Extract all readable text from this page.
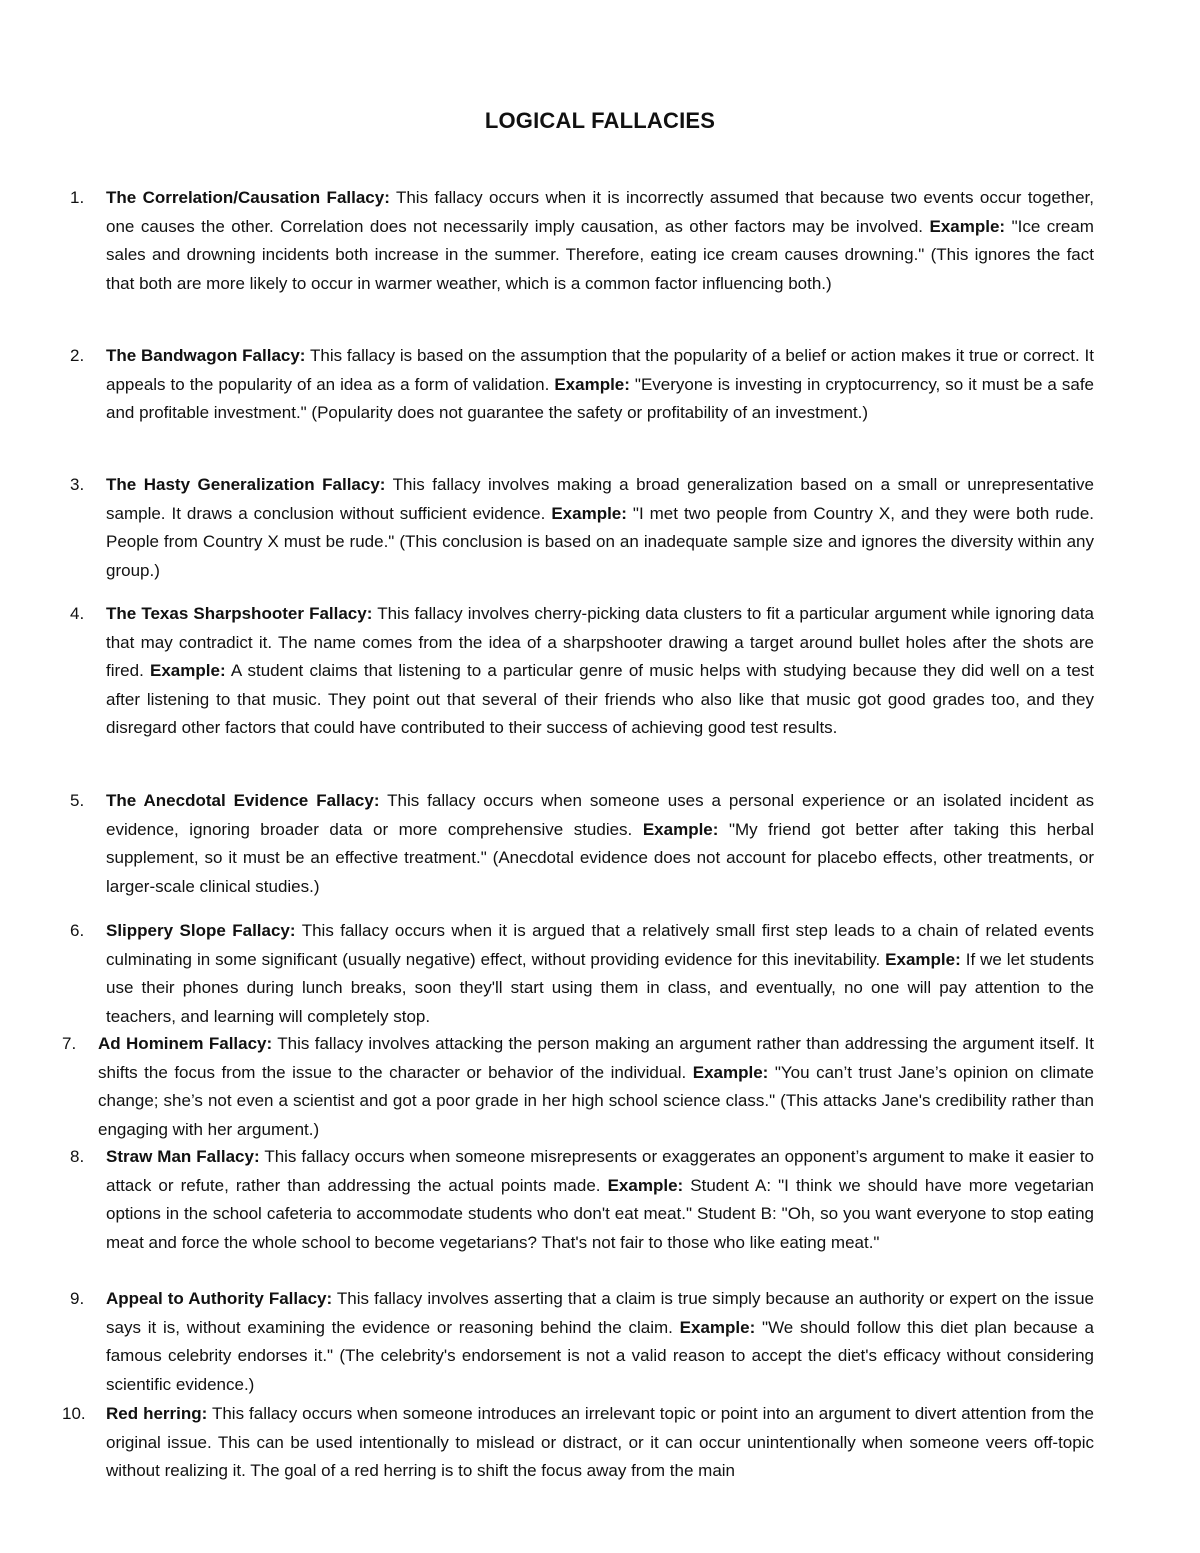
LOGICAL FALLACIES
1.	The Correlation/Causation Fallacy: This fallacy occurs when it is incorrectly assumed that because two events occur together, one causes the other. Correlation does not necessarily imply causation, as other factors may be involved. Example: "Ice cream sales and drowning incidents both increase in the summer. Therefore, eating ice cream causes drowning." (This ignores the fact that both are more likely to occur in warmer weather, which is a common factor influencing both.)

2.	The Bandwagon Fallacy: This fallacy is based on the assumption that the popularity of a belief or action makes it true or correct. It appeals to the popularity of an idea as a form of validation. Example: "Everyone is investing in cryptocurrency, so it must be a safe and profitable investment." (Popularity does not guarantee the safety or profitability of an investment.)

3.	The Hasty Generalization Fallacy: This fallacy involves making a broad generalization based on a small or unrepresentative sample. It draws a conclusion without sufficient evidence. Example: "I met two people from Country X, and they were both rude. People from Country X must be rude." (This conclusion is based on an inadequate sample size and ignores the diversity within any group.)

4.	The Texas Sharpshooter Fallacy: This fallacy involves cherry-picking data clusters to fit a particular argument while ignoring data that may contradict it. The name comes from the idea of a sharpshooter drawing a target around bullet holes after the shots are fired. Example: A student claims that listening to a particular genre of music helps with studying because they did well on a test after listening to that music. They point out that several of their friends who also like that music got good grades too, and they disregard other factors that could have contributed to their success of achieving good test results.

5.	The Anecdotal Evidence Fallacy: This fallacy occurs when someone uses a personal experience or an isolated incident as evidence, ignoring broader data or more comprehensive studies. Example: "My friend got better after taking this herbal supplement, so it must be an effective treatment." (Anecdotal evidence does not account for placebo effects, other treatments, or larger-scale clinical studies.)

6.	Slippery Slope Fallacy: This fallacy occurs when it is argued that a relatively small first step leads to a chain of related events culminating in some significant (usually negative) effect, without providing evidence for this inevitability. Example: If we let students use their phones during lunch breaks, soon they'll start using them in class, and eventually, no one will pay attention to the teachers, and learning will completely stop.

7.	Ad Hominem Fallacy: This fallacy involves attacking the person making an argument rather than addressing the argument itself. It shifts the focus from the issue to the character or behavior of the individual. Example: "You can’t trust Jane’s opinion on climate change; she’s not even a scientist and got a poor grade in her high school science class." (This attacks Jane's credibility rather than engaging with her argument.)

8.	Straw Man Fallacy: This fallacy occurs when someone misrepresents or exaggerates an opponent’s argument to make it easier to attack or refute, rather than addressing the actual points made. Example: Student A: "I think we should have more vegetarian options in the school cafeteria to accommodate students who don't eat meat." Student B: "Oh, so you want everyone to stop eating meat and force the whole school to become vegetarians? That's not fair to those who like eating meat."

9.	Appeal to Authority Fallacy: This fallacy involves asserting that a claim is true simply because an authority or expert on the issue says it is, without examining the evidence or reasoning behind the claim. Example: "We should follow this diet plan because a famous celebrity endorses it." (The celebrity's endorsement is not a valid reason to accept the diet's efficacy without considering scientific evidence.)

10.	Red herring: This fallacy occurs when someone introduces an irrelevant topic or point into an argument to divert attention from the original issue. This can be used intentionally to mislead or distract, or it can occur unintentionally when someone veers off-topic without realizing it. The goal of a red herring is to shift the focus away from the main
